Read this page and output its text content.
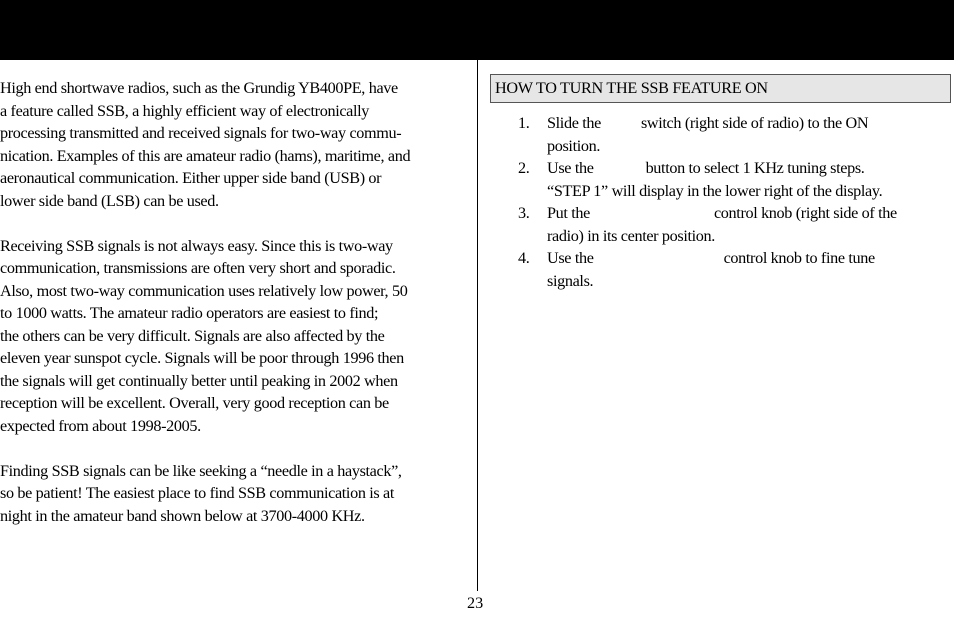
High end shortwave radios, such as the Grundig YB400PE, have
a feature called SSB, a highly efficient way of electronically
processing transmitted and received signals for two-way commu-
nication. Examples of this are amateur radio (hams), maritime, and
aeronautical communication. Either upper side band (USB) or
lower side band (LSB) can be used.

Receiving SSB signals is not always easy. Since this is two-way
communication, transmissions are often very short and sporadic.
Also, most two-way communication uses relatively low power, 50
to 1000 watts. The amateur radio operators are easiest to find;
the others can be very difficult. Signals are also affected by the
eleven year sunspot cycle. Signals will be poor through 1996 then
the signals will get continually better until peaking in 2002 when
reception will be excellent. Overall, very good reception can be
expected from about 1998-2005.

Finding SSB signals can be like seeking a “needle in a haystack”,
so be patient! The easiest place to find SSB communication is at
night in the amateur band shown below at 3700-4000 KHz.

HOW TO TURN THE SSB FEATURE ON
1. Slide the switch (right side of radio) to the ON
position.
2. Use the	button to select 1 KHz tuning steps.
“STEP 1” will display in the lower right of the display.
3. Put the	control knob (right side of the
radio) in its center position.
4. Use the	control knob to fine tune
signals.
23
